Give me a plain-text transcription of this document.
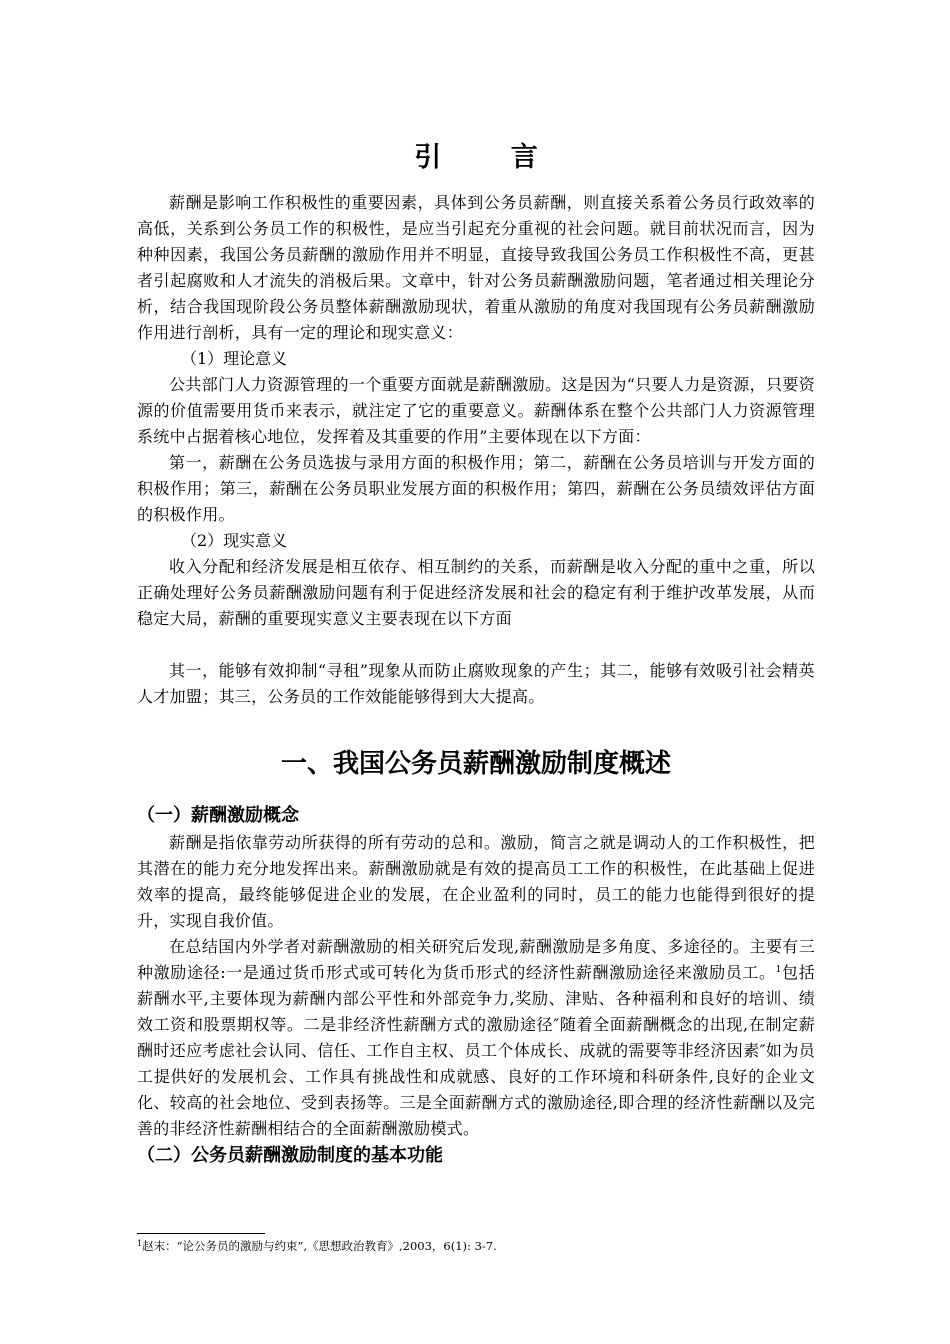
引 言

薪酬是影响工作积极性的重要因素，具体到公务员薪酬，则直接关系着公务员行政效率的高低，关系到公务员工作的积极性，是应当引起充分重视的社会问题。就目前状况而言，因为种种因素，我国公务员薪酬的激励作用并不明显，直接导致我国公务员工作积极性不高，更甚者引起腐败和人才流失的消极后果。文章中，针对公务员薪酬激励问题，笔者通过相关理论分析，结合我国现阶段公务员整体薪酬激励现状，着重从激励的角度对我国现有公务员薪酬激励作用进行剖析，具有一定的理论和现实意义：

（1）理论意义

公共部门人力资源管理的一个重要方面就是薪酬激励。这是因为“只要人力是资源，只要资源的价值需要用货币来表示，就注定了它的重要意义。薪酬体系在整个公共部门人力资源管理系统中占据着核心地位，发挥着及其重要的作用”主要体现在以下方面：

第一，薪酬在公务员选拔与录用方面的积极作用；第二，薪酬在公务员培训与开发方面的积极作用；第三，薪酬在公务员职业发展方面的积极作用；第四，薪酬在公务员绩效评估方面的积极作用。

（2）现实意义

收入分配和经济发展是相互依存、相互制约的关系，而薪酬是收入分配的重中之重，所以正确处理好公务员薪酬激励问题有利于促进经济发展和社会的稳定有利于维护改革发展，从而稳定大局，薪酬的重要现实意义主要表现在以下方面

其一，能够有效抑制“寻租”现象从而防止腐败现象的产生；其二，能够有效吸引社会精英人才加盟；其三，公务员的工作效能能够得到大大提高。

一、我国公务员薪酬激励制度概述
（一）薪酬激励概念

薪酬是指依靠劳动所获得的所有劳动的总和。激励，简言之就是调动人的工作积极性，把其潜在的能力充分地发挥出来。薪酬激励就是有效的提高员工工作的积极性，在此基础上促进效率的提高，最终能够促进企业的发展，在企业盈利的同时，员工的能力也能得到很好的提升，实现自我价值。

在总结国内外学者对薪酬激励的相关研究后发现,薪酬激励是多角度、多途径的。主要有三种激励途径:一是通过货币形式或可转化为货币形式的经济性薪酬激励途径来激励员工。$^1$包括薪酬水平,主要体现为薪酬内部公平性和外部竞争力,奖励、津贴、各种福利和良好的培训、绩效工资和股票期权等。二是非经济性薪酬方式的激励途径″随着全面薪酬概念的出现,在制定薪酬时还应考虑社会认同、信任、工作自主权、员工个体成长、成就的需要等非经济因素″如为员工提供好的发展机会、工作具有挑战性和成就感、良好的工作环境和科研条件,良好的企业文化、较高的社会地位、受到表扬等。三是全面薪酬方式的激励途径,即合理的经济性薪酬以及完善的非经济性薪酬相结合的全面薪酬激励模式。

（二）公务员薪酬激励制度的基本功能
$^1$赵末：“论公务员的激励与约束”,《思想政治教育》,2003，6(1): 3-7.
